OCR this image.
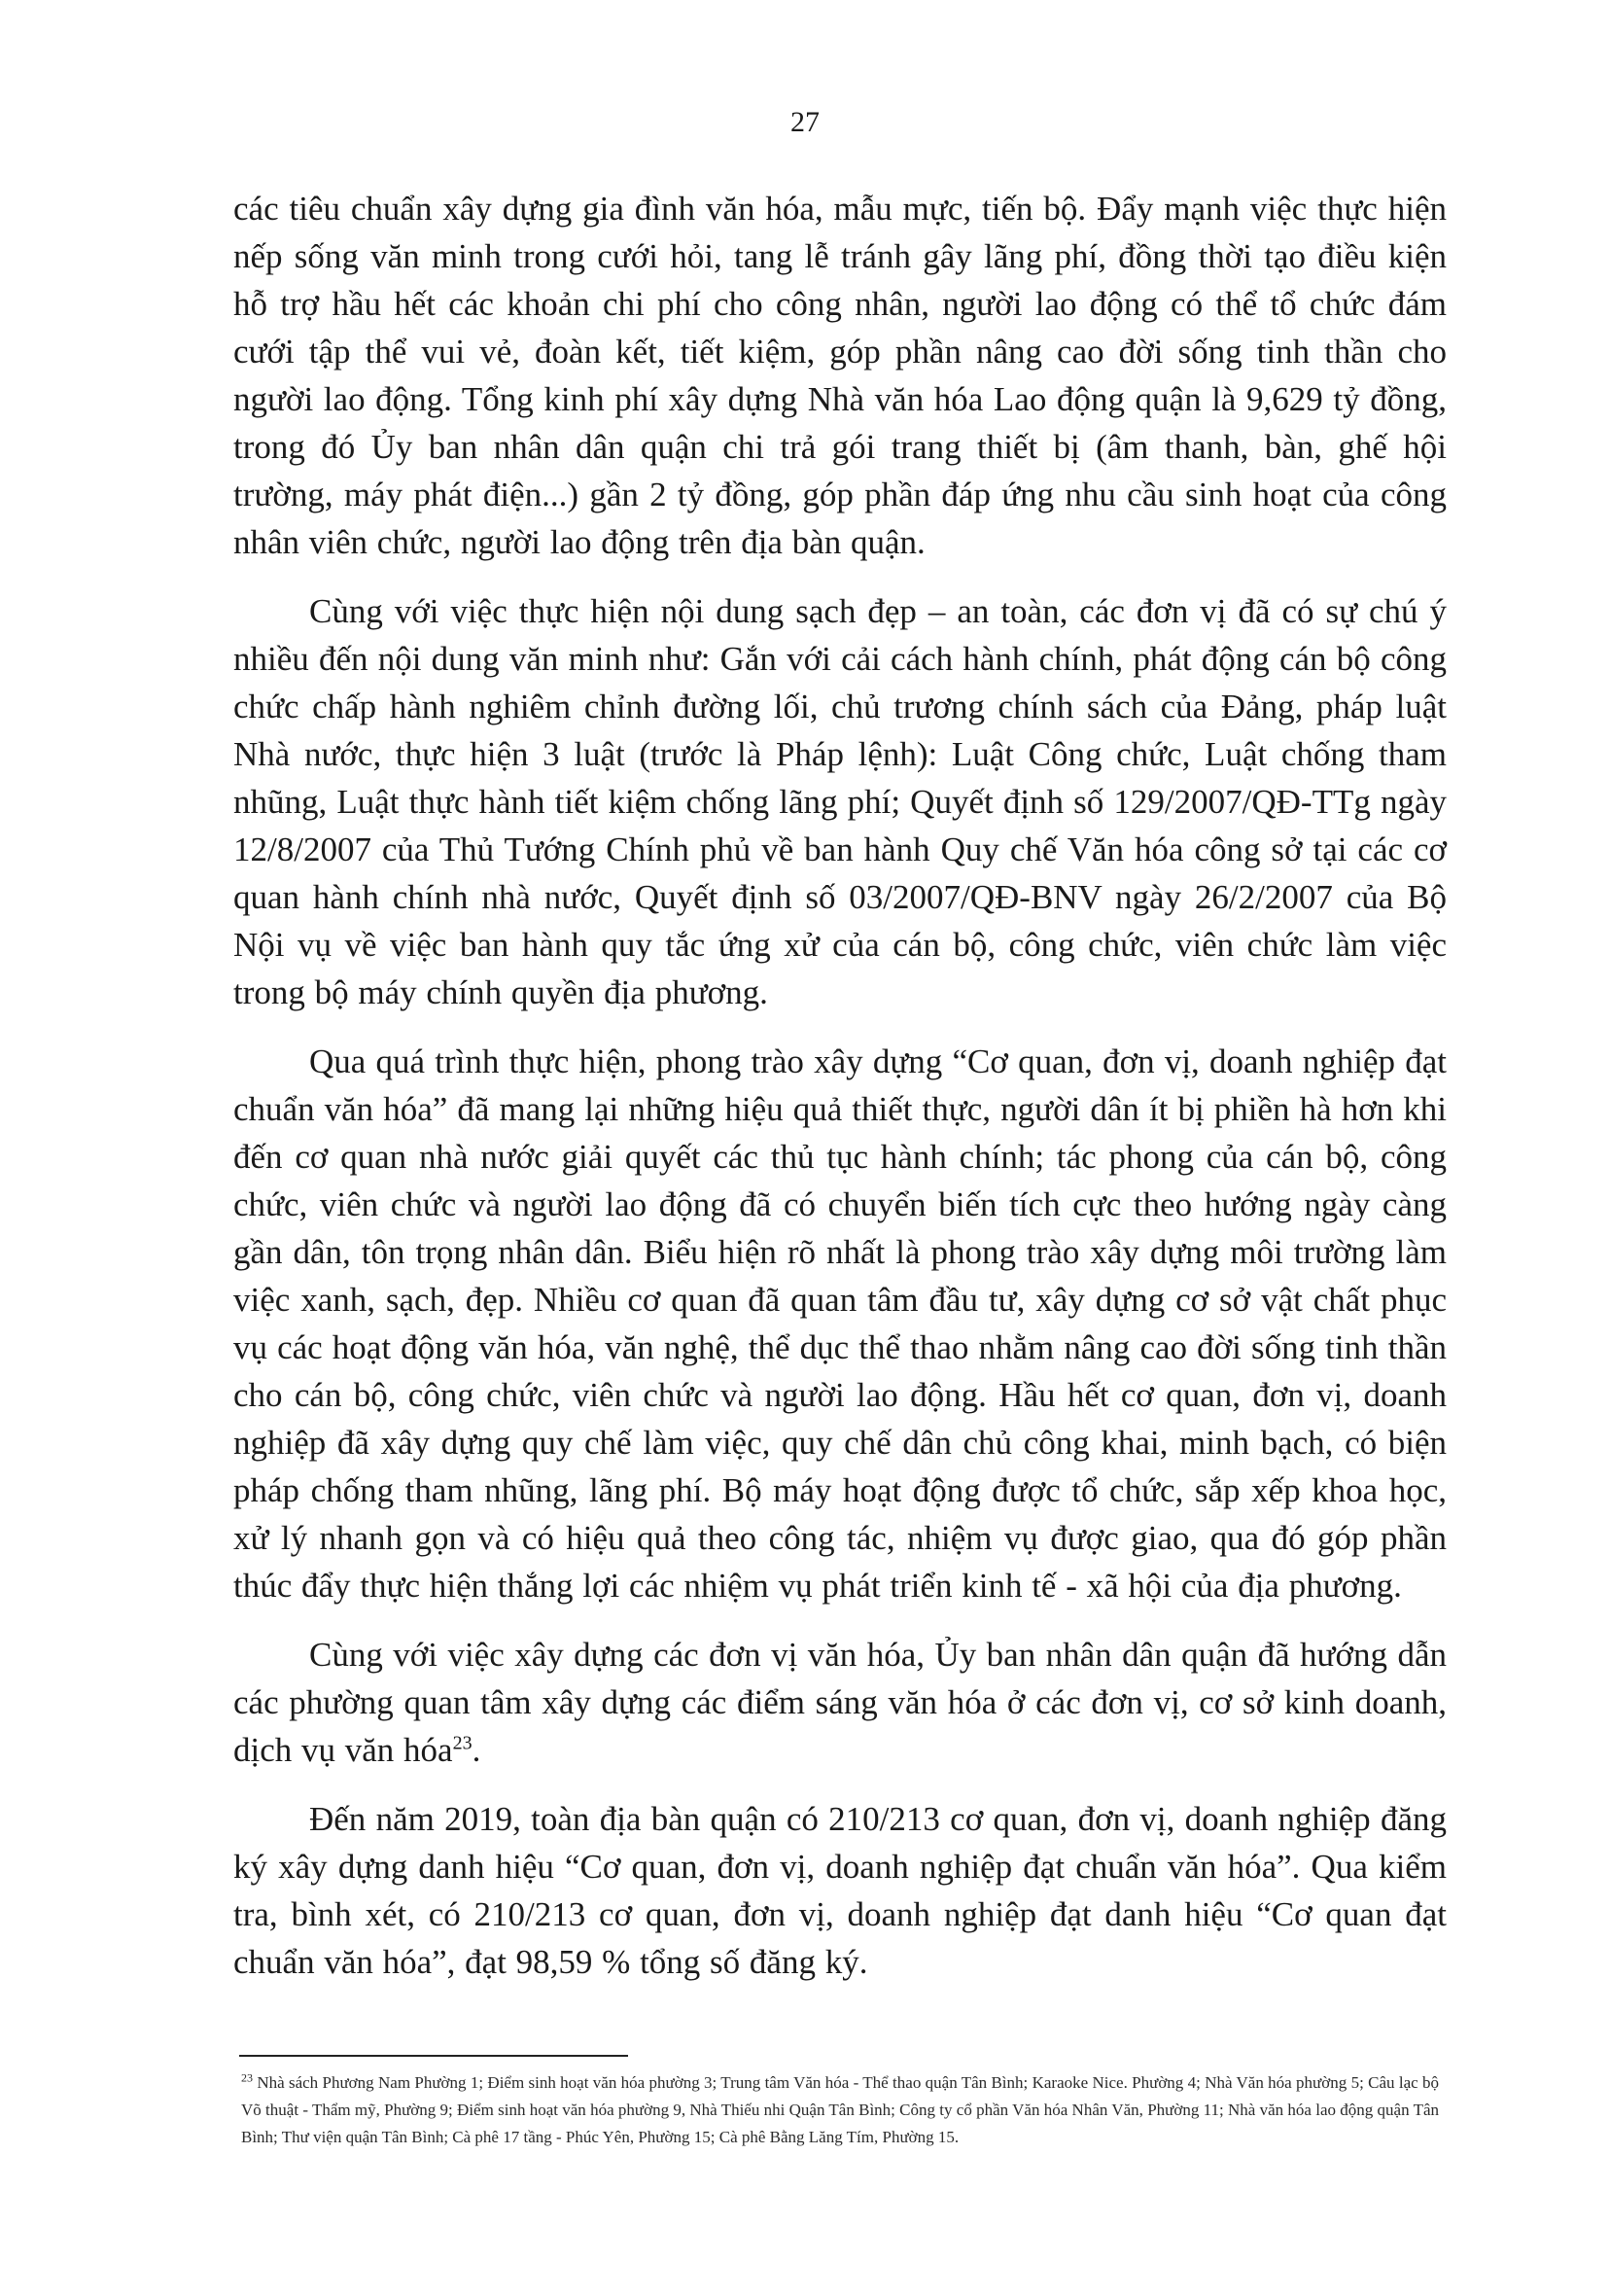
27

các tiêu chuẩn xây dựng gia đình văn hóa, mẫu mực, tiến bộ. Đẩy mạnh việc thực hiện nếp sống văn minh trong cưới hỏi, tang lễ tránh gây lãng phí, đồng thời tạo điều kiện hỗ trợ hầu hết các khoản chi phí cho công nhân, người lao động có thể tổ chức đám cưới tập thể vui vẻ, đoàn kết, tiết kiệm, góp phần nâng cao đời sống tinh thần cho người lao động. Tổng kinh phí xây dựng Nhà văn hóa Lao động quận là 9,629 tỷ đồng, trong đó Ủy ban nhân dân quận chi trả gói trang thiết bị (âm thanh, bàn, ghế hội trường, máy phát điện...) gần 2 tỷ đồng, góp phần đáp ứng nhu cầu sinh hoạt của công nhân viên chức, người lao động trên địa bàn quận.

Cùng với việc thực hiện nội dung sạch đẹp – an toàn, các đơn vị đã có sự chú ý nhiều đến nội dung văn minh như: Gắn với cải cách hành chính, phát động cán bộ công chức chấp hành nghiêm chỉnh đường lối, chủ trương chính sách của Đảng, pháp luật Nhà nước, thực hiện 3 luật (trước là Pháp lệnh): Luật Công chức, Luật chống tham nhũng, Luật thực hành tiết kiệm chống lãng phí; Quyết định số 129/2007/QĐ-TTg ngày 12/8/2007 của Thủ Tướng Chính phủ về ban hành Quy chế Văn hóa công sở tại các cơ quan hành chính nhà nước, Quyết định số 03/2007/QĐ-BNV ngày 26/2/2007 của Bộ Nội vụ về việc ban hành quy tắc ứng xử của cán bộ, công chức, viên chức làm việc trong bộ máy chính quyền địa phương.

Qua quá trình thực hiện, phong trào xây dựng “Cơ quan, đơn vị, doanh nghiệp đạt chuẩn văn hóa” đã mang lại những hiệu quả thiết thực, người dân ít bị phiền hà hơn khi đến cơ quan nhà nước giải quyết các thủ tục hành chính; tác phong của cán bộ, công chức, viên chức và người lao động đã có chuyển biến tích cực theo hướng ngày càng gần dân, tôn trọng nhân dân. Biểu hiện rõ nhất là phong trào xây dựng môi trường làm việc xanh, sạch, đẹp. Nhiều cơ quan đã quan tâm đầu tư, xây dựng cơ sở vật chất phục vụ các hoạt động văn hóa, văn nghệ, thể dục thể thao nhằm nâng cao đời sống tinh thần cho cán bộ, công chức, viên chức và người lao động. Hầu hết cơ quan, đơn vị, doanh nghiệp đã xây dựng quy chế làm việc, quy chế dân chủ công khai, minh bạch, có biện pháp chống tham nhũng, lãng phí. Bộ máy hoạt động được tổ chức, sắp xếp khoa học, xử lý nhanh gọn và có hiệu quả theo công tác, nhiệm vụ được giao, qua đó góp phần thúc đẩy thực hiện thắng lợi các nhiệm vụ phát triển kinh tế - xã hội của địa phương.

Cùng với việc xây dựng các đơn vị văn hóa, Ủy ban nhân dân quận đã hướng dẫn các phường quan tâm xây dựng các điểm sáng văn hóa ở các đơn vị, cơ sở kinh doanh, dịch vụ văn hóa$^{23}$.

Đến năm 2019, toàn địa bàn quận có 210/213 cơ quan, đơn vị, doanh nghiệp đăng ký xây dựng danh hiệu “Cơ quan, đơn vị, doanh nghiệp đạt chuẩn văn hóa”. Qua kiểm tra, bình xét, có 210/213 cơ quan, đơn vị, doanh nghiệp đạt danh hiệu “Cơ quan đạt chuẩn văn hóa”, đạt 98,59 % tổng số đăng ký.

$^{23}$ Nhà sách Phương Nam Phường 1; Điểm sinh hoạt văn hóa phường 3; Trung tâm Văn hóa - Thể thao quận Tân Bình; Karaoke Nice. Phường 4; Nhà Văn hóa phường 5; Câu lạc bộ Võ thuật - Thẩm mỹ, Phường 9; Điểm sinh hoạt văn hóa phường 9, Nhà Thiếu nhi Quận Tân Bình; Công ty cổ phần Văn hóa Nhân Văn, Phường 11; Nhà văn hóa lao động quận Tân Bình; Thư viện quận Tân Bình; Cà phê 17 tầng - Phúc Yên, Phường 15; Cà phê Bằng Lăng Tím, Phường 15.
